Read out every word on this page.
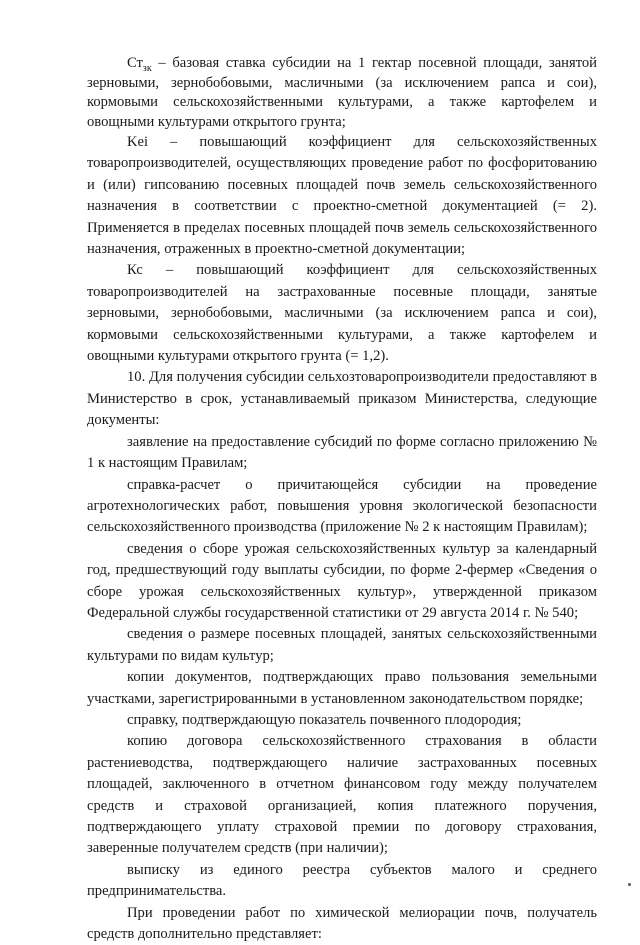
$Ст_{зк}$ – базовая ставка субсидии на 1 гектар посевной площади, занятой зерновыми, зернобобовыми, масличными (за исключением рапса и сои), кормовыми сельскохозяйственными культурами, а также картофелем и овощными культурами открытого грунта;

Kei – повышающий коэффициент для сельскохозяйственных товаропроизводителей, осуществляющих проведение работ по фосфоритованию и (или) гипсованию посевных площадей почв земель сельскохозяйственного назначения в соответствии с проектно-сметной документацией (= 2). Применяется в пределах посевных площадей почв земель сельскохозяйственного назначения, отраженных в проектно-сметной документации;

Кс – повышающий коэффициент для сельскохозяйственных товаропроизводителей на застрахованные посевные площади, занятые зерновыми, зернобобовыми, масличными (за исключением рапса и сои), кормовыми сельскохозяйственными культурами, а также картофелем и овощными культурами открытого грунта (= 1,2).

10. Для получения субсидии сельхозтоваропроизводители предоставляют в Министерство в срок, устанавливаемый приказом Министерства, следующие документы:

заявление на предоставление субсидий по форме согласно приложению № 1 к настоящим Правилам;

справка-расчет о причитающейся субсидии на проведение агротехнологических работ, повышения уровня экологической безопасности сельскохозяйственного производства (приложение № 2 к настоящим Правилам);

сведения о сборе урожая сельскохозяйственных культур за календарный год, предшествующий году выплаты субсидии, по форме 2-фермер «Сведения о сборе урожая сельскохозяйственных культур», утвержденной приказом Федеральной службы государственной статистики от 29 августа 2014 г. № 540;

сведения о размере посевных площадей, занятых сельскохозяйственными культурами по видам культур;

копии документов, подтверждающих право пользования земельными участками, зарегистрированными в установленном законодательством порядке;

справку, подтверждающую показатель почвенного плодородия;

копию договора сельскохозяйственного страхования в области растениеводства, подтверждающего наличие застрахованных посевных площадей, заключенного в отчетном финансовом году между получателем средств и страховой организацией, копия платежного поручения, подтверждающего уплату страховой премии по договору страхования, заверенные получателем средств (при наличии);

выписку из единого реестра субъектов малого и среднего предпринимательства.

При проведении работ по химической мелиорации почв, получатель средств дополнительно представляет:
